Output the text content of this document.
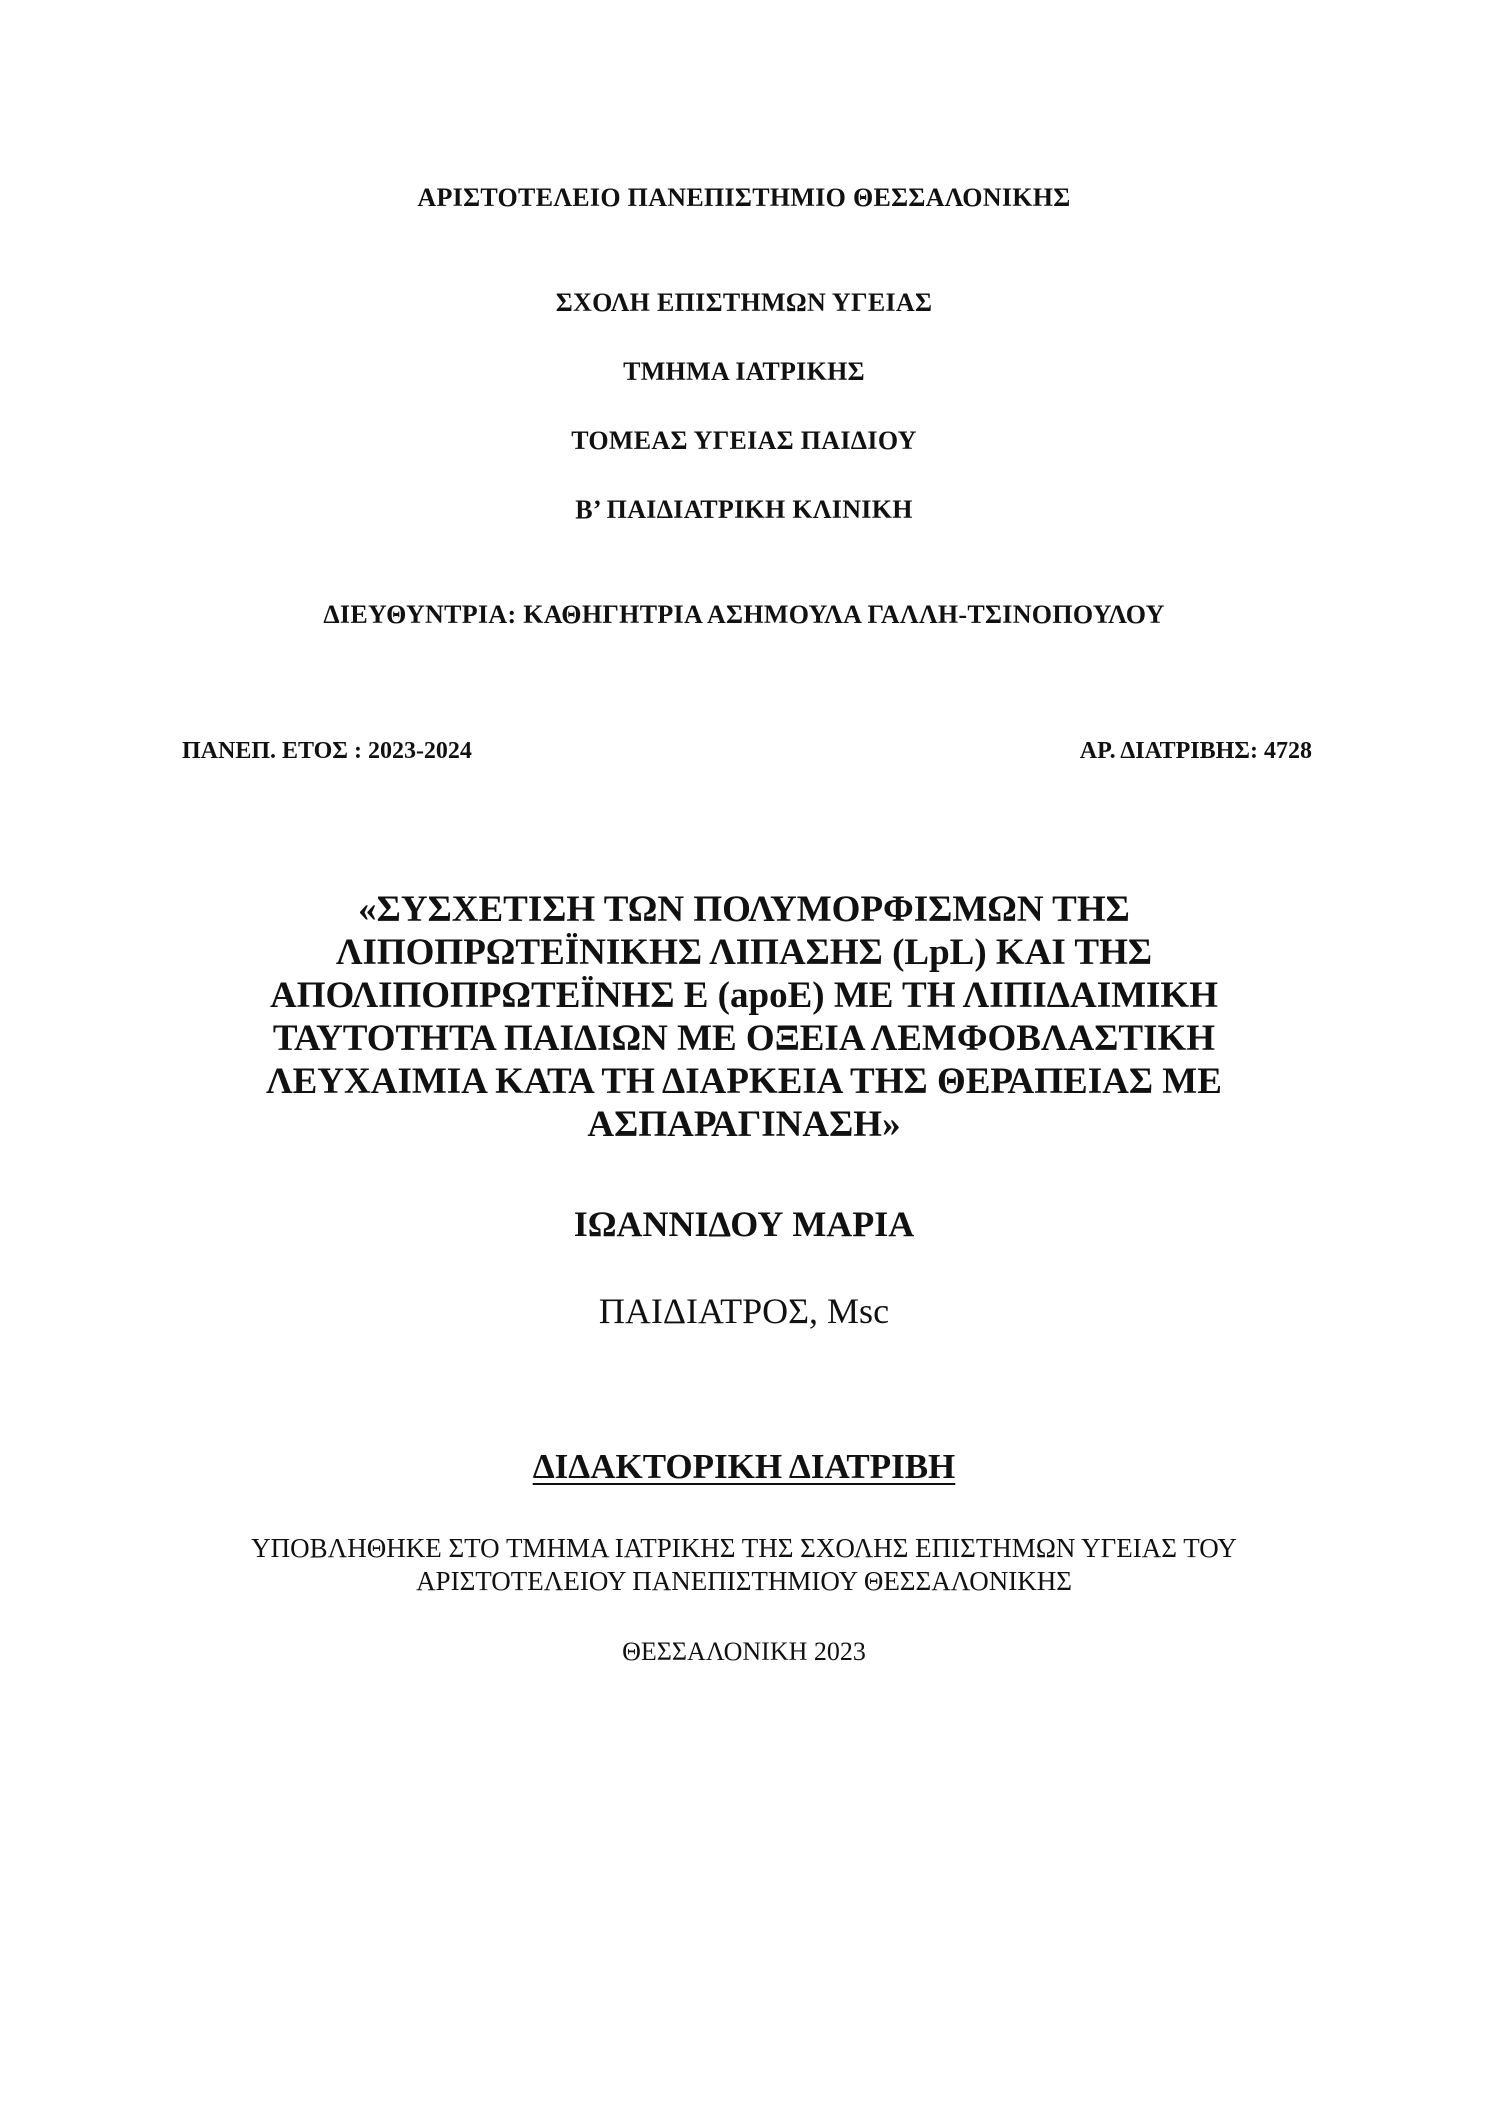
ΑΡΙΣΤΟΤΕΛΕΙΟ ΠΑΝΕΠΙΣΤΗΜΙΟ ΘΕΣΣΑΛΟΝΙΚΗΣ
ΣΧΟΛΗ ΕΠΙΣΤΗΜΩΝ ΥΓΕΙΑΣ
ΤΜΗΜΑ ΙΑΤΡΙΚΗΣ
ΤΟΜΕΑΣ ΥΓΕΙΑΣ ΠΑΙΔΙΟΥ
Β’ ΠΑΙΔΙΑΤΡΙΚΗ ΚΛΙΝΙΚΗ
ΔΙΕΥΘΥΝΤΡΙΑ: ΚΑΘΗΓΗΤΡΙΑ ΑΣΗΜΟΥΛΑ ΓΑΛΛΗ-ΤΣΙΝΟΠΟΥΛΟΥ
ΠΑΝΕΠ. ΕΤΟΣ : 2023-2024	ΑΡ. ΔΙΑΤΡΙΒΗΣ: 4728
«ΣΥΣΧΕΤΙΣΗ ΤΩΝ ΠΟΛΥΜΟΡΦΙΣΜΩΝ ΤΗΣ
ΛΙΠΟΠΡΩΤΕΪΝΙΚΗΣ ΛΙΠΑΣΗΣ (LpL) ΚΑΙ ΤΗΣ
ΑΠΟΛΙΠΟΠΡΩΤΕΪΝΗΣ Ε (apoE) ΜΕ ΤΗ ΛΙΠΙΔΑΙΜΙΚΗ
ΤΑΥΤΟΤΗΤΑ ΠΑΙΔΙΩΝ ΜΕ ΟΞΕΙΑ ΛΕΜΦΟΒΛΑΣΤΙΚΗ
ΛΕΥΧΑΙΜΙΑ ΚΑΤΑ ΤΗ ΔΙΑΡΚΕΙΑ ΤΗΣ ΘΕΡΑΠΕΙΑΣ ΜΕ
ΑΣΠΑΡΑΓΙΝΑΣΗ»
ΙΩΑΝΝΙΔΟΥ ΜΑΡΙΑ
ΠΑΙΔΙΑΤΡΟΣ, Msc
ΔΙΔΑΚΤΟΡΙΚΗ ΔΙΑΤΡΙΒΗ
ΥΠΟΒΛΗΘΗΚΕ ΣΤΟ ΤΜΗΜΑ ΙΑΤΡΙΚΗΣ ΤΗΣ ΣΧΟΛΗΣ ΕΠΙΣΤΗΜΩΝ ΥΓΕΙΑΣ ΤΟΥ
ΑΡΙΣΤΟΤΕΛΕΙΟΥ ΠΑΝΕΠΙΣΤΗΜΙΟΥ ΘΕΣΣΑΛΟΝΙΚΗΣ
ΘΕΣΣΑΛΟΝΙΚΗ 2023
